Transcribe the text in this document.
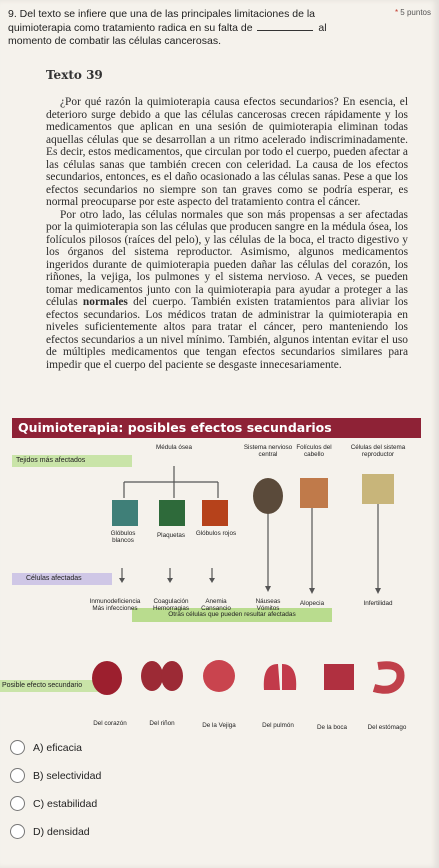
9. Del texto se infiere que una de las principales limitaciones de la quimioterapia como tratamiento radica en su falta de	al momento de combatir las células cancerosas.

* 5 puntos
Texto 39

¿Por qué razón la quimioterapia causa efectos secundarios? En esencia, el deterioro surge debido a que las células cancerosas crecen rápidamente y los medicamentos que aplican en una sesión de quimioterapia eliminan todas aquellas células que se desarrollan a un ritmo acelerado indiscriminadamente. Es decir, estos medicamentos, que circulan por todo el cuerpo, pueden afectar a las células sanas que también crecen con celeridad. La causa de los efectos secundarios, entonces, es el daño ocasionado a las células sanas. Pese a que los efectos secundarios no siempre son tan graves como se podría esperar, es normal preocuparse por este aspecto del tratamiento contra el cáncer.

Por otro lado, las células normales que son más propensas a ser afectadas por la quimioterapia son las células que producen sangre en la médula ósea, los folículos pilosos (raíces del pelo), y las células de la boca, el tracto digestivo y los órganos del sistema reproductor. Asimismo, algunos medicamentos ingeridos durante de quimioterapia pueden dañar las células del corazón, los riñones, la vejiga, los pulmones y el sistema nervioso. A veces, se pueden tomar medicamentos junto con la quimioterapia para ayudar a proteger a las células normales del cuerpo. También existen tratamientos para aliviar los efectos secundarios. Los médicos tratan de administrar la quimioterapia en niveles suficientemente altos para tratar el cáncer, pero manteniendo los efectos secundarios a un nivel mínimo. También, algunos intentan evitar el uso de múltiples medicamentos que tengan efectos secundarios similares para impedir que el cuerpo del paciente se desgaste innecesariamente.

Quimioterapia: posibles efectos secundarios
Tejidos más afectados
Células afectadas
Otras células que pueden resultar afectadas
Posible efecto secundario
Médula ósea	Sistema nervioso central
Folículos del cabello
Células del sistema reproductor
Glóbulos blancos
Plaquetas	Glóbulos rojos
Inmunodeficiencia Más infecciones
Coagulación Hemorragias
Anemia Cansancio
Náuseas Vómitos
Alopecia	Infertilidad
Del corazón	Del riñon	De la Vejiga	Del pulmón	De la boca	Del estómago
A) eficacia
B) selectividad
C) estabilidad
D) densidad
